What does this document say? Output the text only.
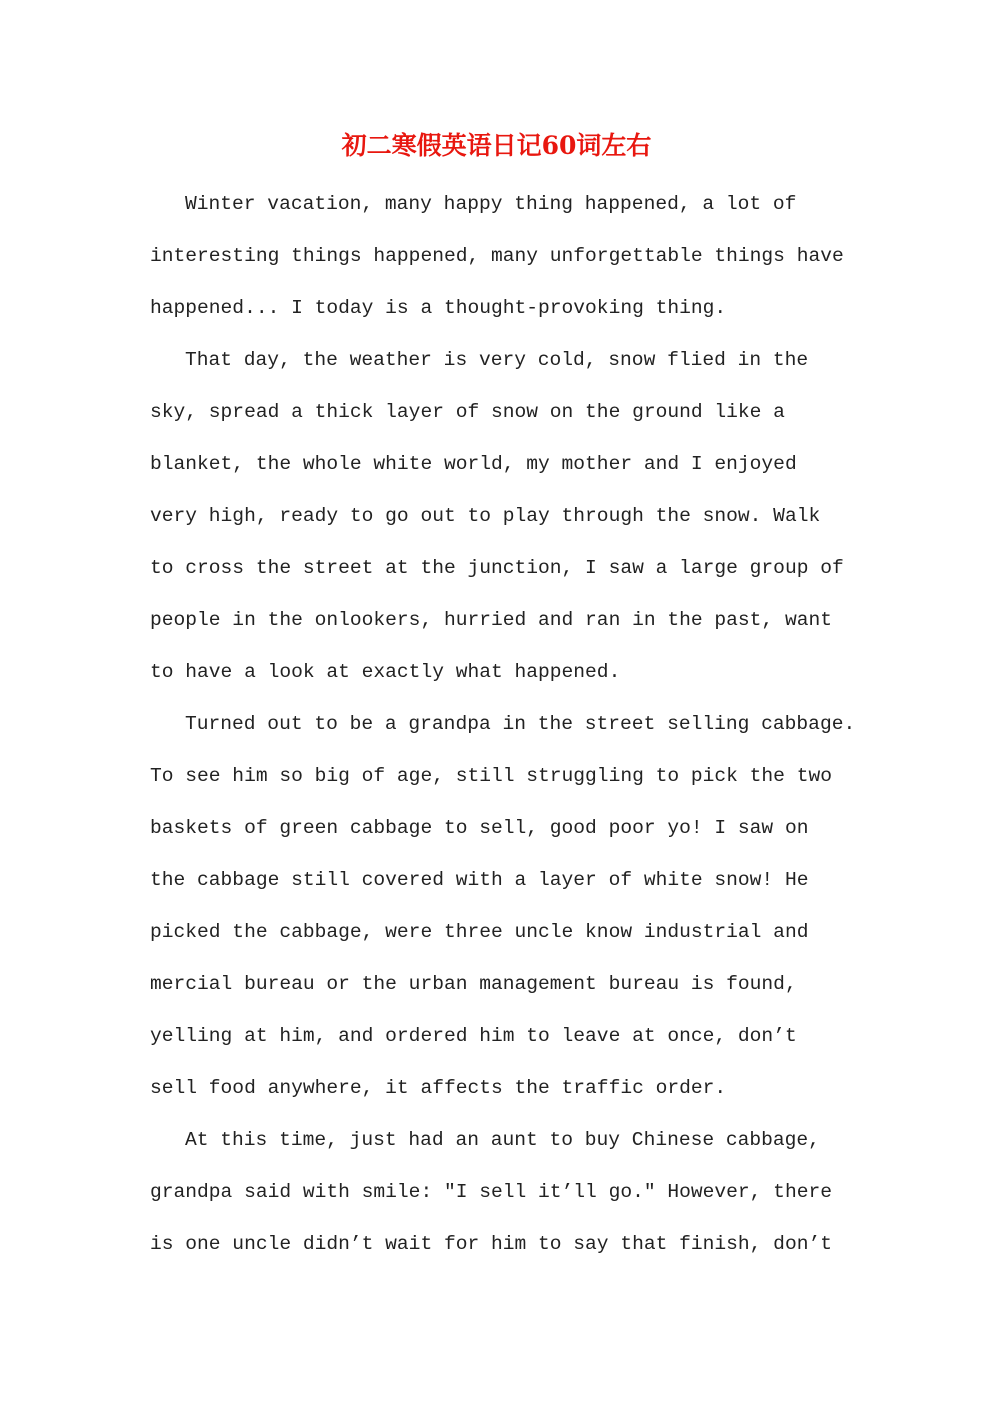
初二寒假英语日记60词左右
Winter vacation, many happy thing happened, a lot of
interesting things happened, many unforgettable things have
happened... I today is a thought-provoking thing.
That day, the weather is very cold, snow flied in the
sky, spread a thick layer of snow on the ground like a
blanket, the whole white world, my mother and I enjoyed
very high, ready to go out to play through the snow. Walk
to cross the street at the junction, I saw a large group of
people in the onlookers, hurried and ran in the past, want
to have a look at exactly what happened.
Turned out to be a grandpa in the street selling cabbage.
To see him so big of age, still struggling to pick the two
baskets of green cabbage to sell, good poor yo! I saw on
the cabbage still covered with a layer of white snow! He
picked the cabbage, were three uncle know industrial and
mercial bureau or the urban management bureau is found,
yelling at him, and ordered him to leave at once, don’t
sell food anywhere, it affects the traffic order.
At this time, just had an aunt to buy Chinese cabbage,
grandpa said with smile: ″I sell it’ll go.″ However, there
is one uncle didn’t wait for him to say that finish, don’t
